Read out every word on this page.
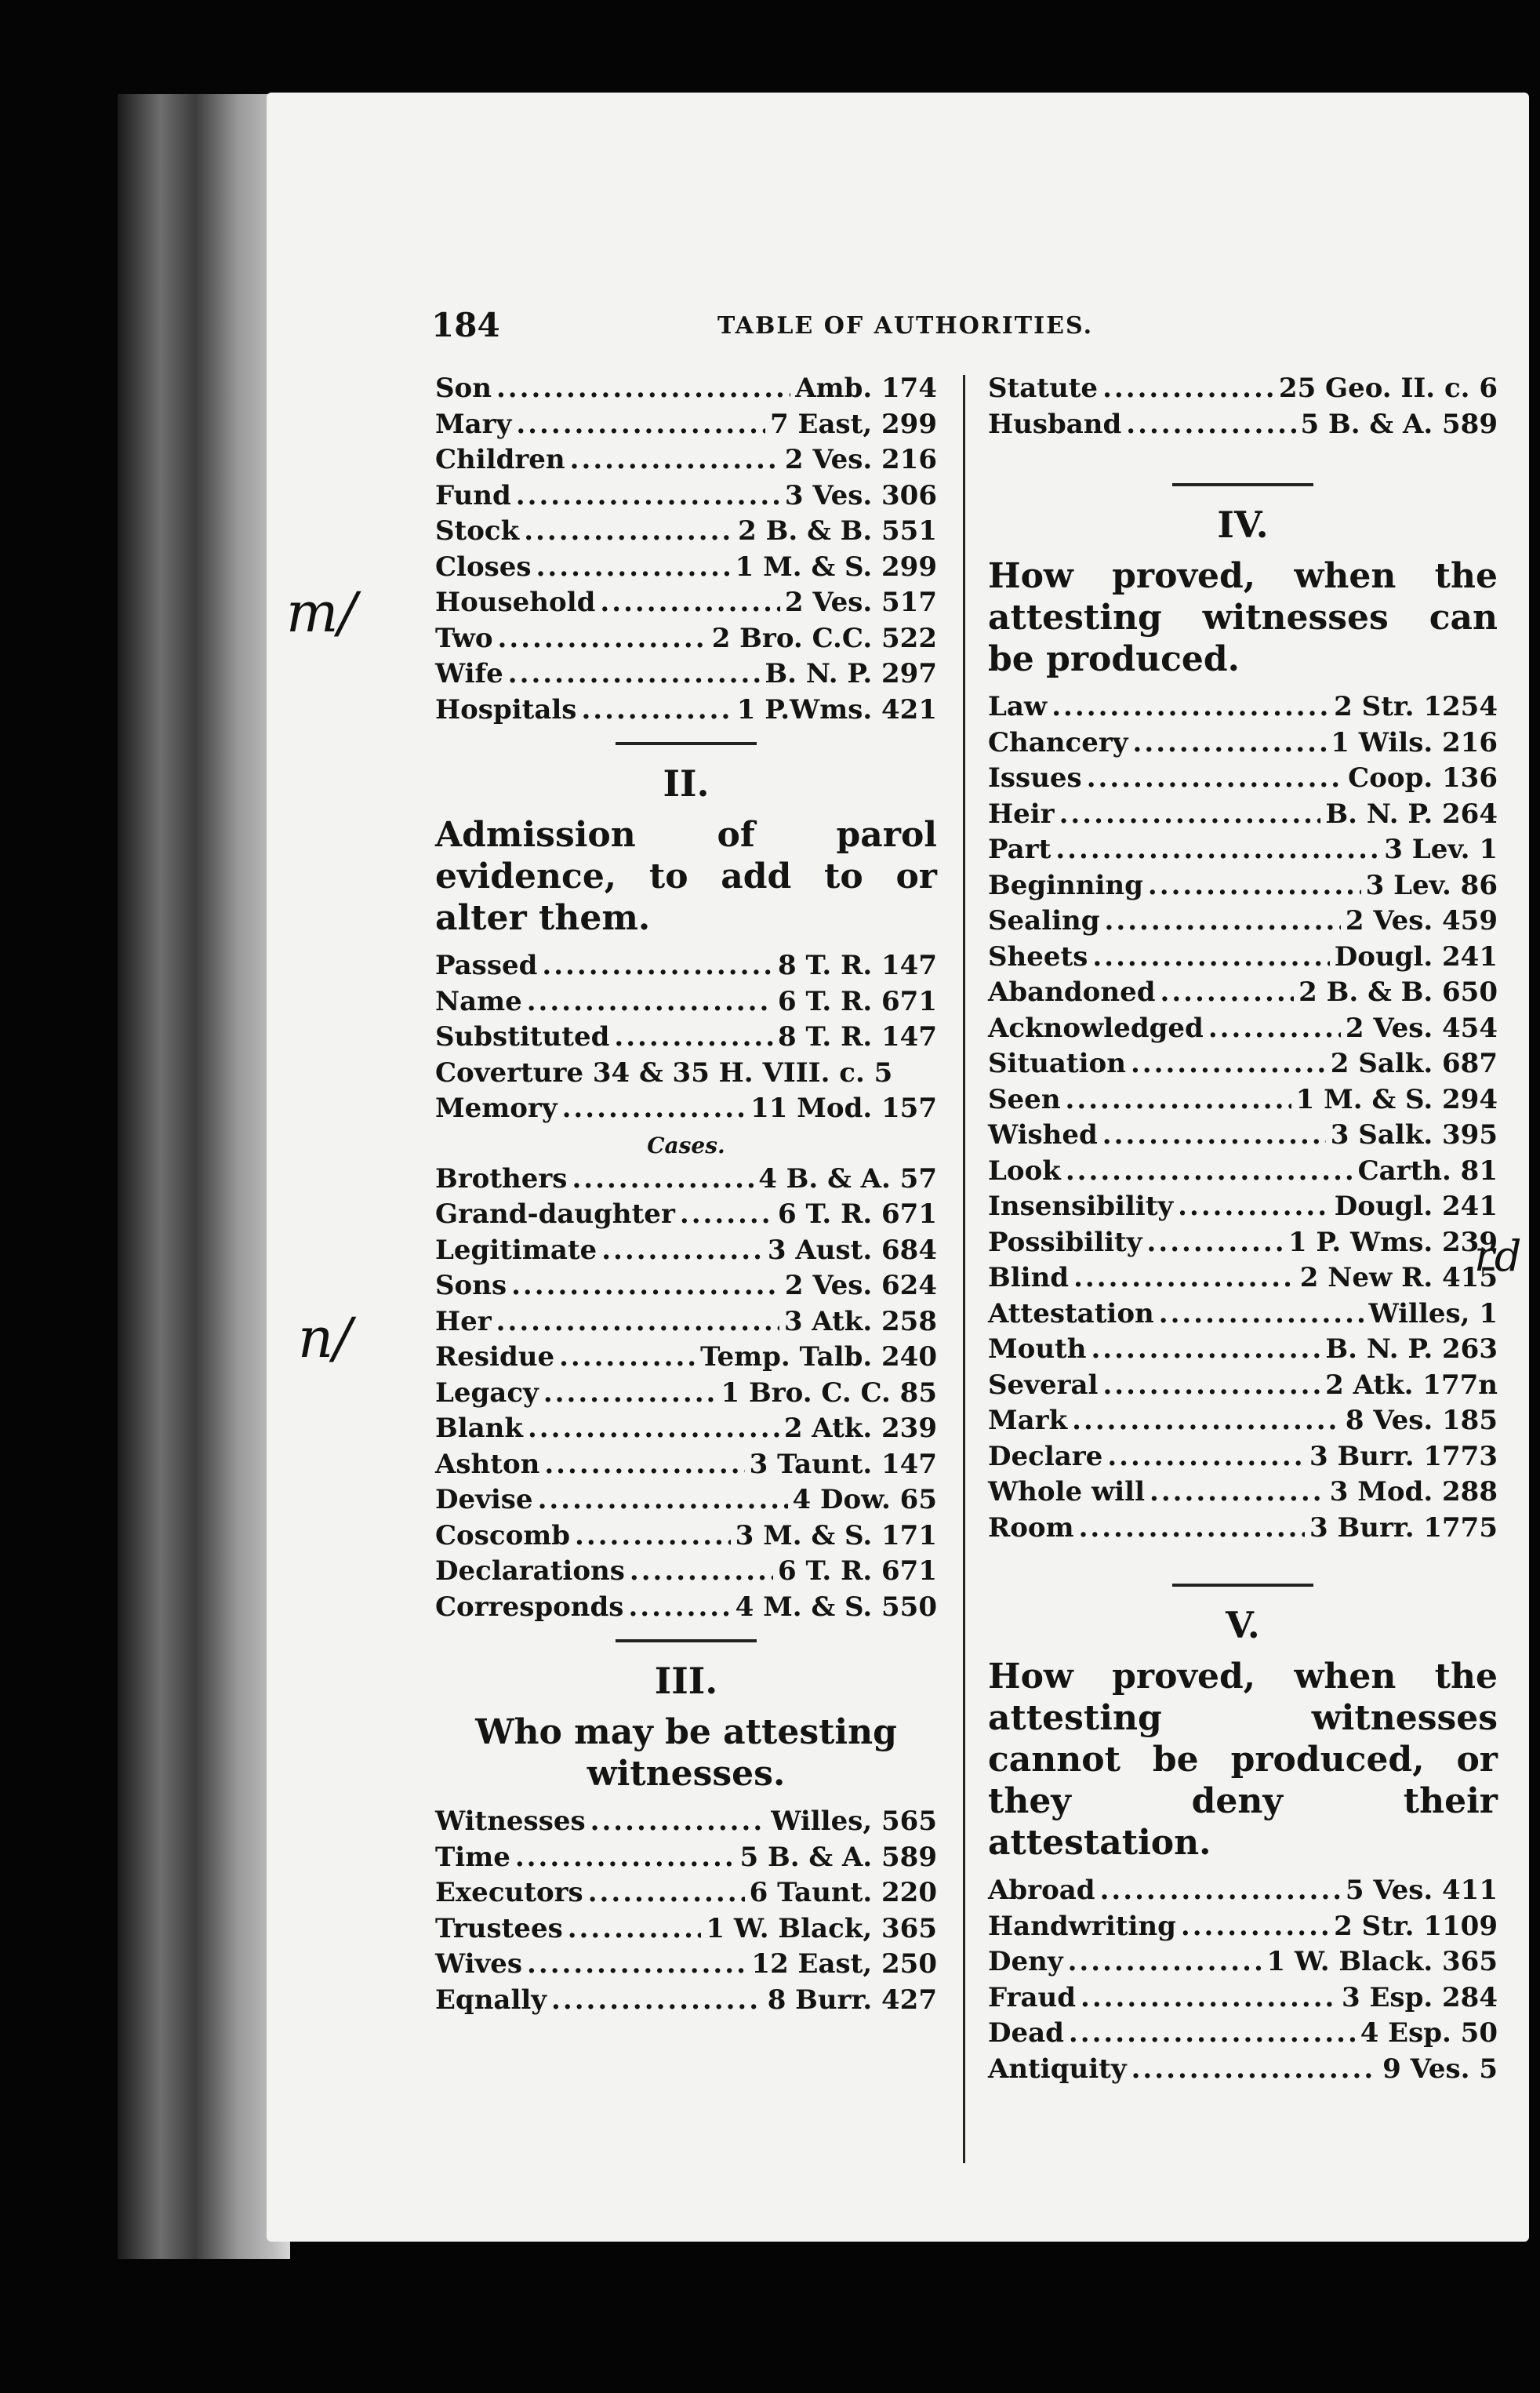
184	TABLE OF AUTHORITIES.
Son .....	Amb. 174
Mary .....	7 East, 299
Children .....	2 Ves. 216
Fund .....	3 Ves. 306
Stock .....	2 B. & B. 551
Closes .....	1 M. & S. 299
Household .....	2 Ves. 517
Two .....	2 Bro. C.C. 522
Wife .....	B. N. P. 297
Hospitals .....	1 P.Wms. 421
II.
Admission of parol evidence, to add to or alter them.
Passed .....	8 T. R. 147
Name .....	6 T. R. 671
Substituted .....	8 T. R. 147
Coverture 34 & 35 H. VIII. c. 5
Memory .....	11 Mod. 157
Cases.
Brothers .....	4 B. & A. 57
Grand-daughter .....	6 T. R. 671
Legitimate .....	3 Aust. 684
Sons .....	2 Ves. 624
Her .....	3 Atk. 258
Residue .....	Temp. Talb. 240
Legacy .....	1 Bro. C. C. 85
Blank .....	2 Atk. 239
Ashton .....	3 Taunt. 147
Devise .....	4 Dow. 65
Coscomb .....	3 M. & S. 171
Declarations .....	6 T. R. 671
Corresponds .....	4 M. & S. 550
III.
Who may be attesting witnesses.
Witnesses .....	Willes, 565
Time .....	5 B. & A. 589
Executors .....	6 Taunt. 220
Trustees .....	1 W. Black, 365
Wives .....	12 East, 250
Eqnally .....	8 Burr. 427
Statute .....	25 Geo. II. c. 6
Husband .....	5 B. & A. 589
IV.
How proved, when the attesting witnesses can be produced.
Law .....	2 Str. 1254
Chancery .....	1 Wils. 216
Issues .....	Coop. 136
Heir .....	B. N. P. 264
Part .....	3 Lev. 1
Beginning .....	3 Lev. 86
Sealing .....	2 Ves. 459
Sheets .....	Dougl. 241
Abandoned .....	2 B. & B. 650
Acknowledged .....	2 Ves. 454
Situation .....	2 Salk. 687
Seen .....	1 M. & S. 294
Wished .....	3 Salk. 395
Look .....	Carth. 81
Insensibility .....	Dougl. 241
Possibility .....	1 P. Wms. 239
Blind .....	2 New R. 415
Attestation .....	Willes, 1
Mouth .....	B. N. P. 263
Several .....	2 Atk. 177n
Mark .....	8 Ves. 185
Declare .....	3 Burr. 1773
Whole will .....	3 Mod. 288
Room .....	3 Burr. 1775
V.
How proved, when the attesting witnesses cannot be produced, or they deny their attestation.
Abroad .....	5 Ves. 411
Handwriting .....	2 Str. 1109
Deny .....	1 W. Black. 365
Fraud .....	3 Esp. 284
Dead .....	4 Esp. 50
Antiquity .....	9 Ves. 5
m/
n/
rd
